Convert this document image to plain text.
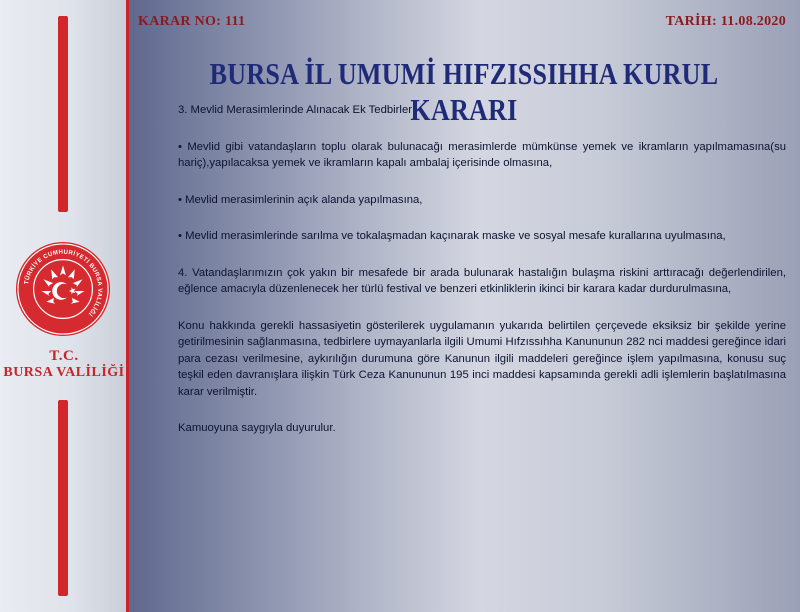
TÜRKİYE CUMHURİYETİ BURSA VALİLİĞİ
T.C.
BURSA VALİLİĞİ
KARAR NO: 111	TARİH: 11.08.2020
BURSA İL UMUMİ HIFZISSIHHA KURUL KARARI

3. Mevlid Merasimlerinde Alınacak Ek Tedbirler

• Mevlid gibi vatandaşların toplu olarak bulunacağı merasimlerde mümkünse yemek ve ikramların yapılmamasına(su hariç),yapılacaksa yemek ve ikramların kapalı ambalaj içerisinde olmasına,

• Mevlid merasimlerinin açık alanda yapılmasına,

• Mevlid merasimlerinde sarılma ve tokalaşmadan kaçınarak maske ve sosyal mesafe kurallarına uyulmasına,

4. Vatandaşlarımızın çok yakın bir mesafede bir arada bulunarak hastalığın bulaşma riskini arttıracağı değerlendirilen, eğlence amacıyla düzenlenecek her türlü festival ve benzeri etkinliklerin ikinci bir karara kadar durdurulmasına,

Konu hakkında gerekli hassasiyetin gösterilerek uygulamanın yukarıda belirtilen çerçevede eksiksiz bir şekilde yerine getirilmesinin sağlanmasına, tedbirlere uymayanlarla ilgili Umumi Hıfzıssıhha Kanununun 282 nci maddesi gereğince idari para cezası verilmesine, aykırılığın durumuna göre Kanunun ilgili maddeleri gereğince işlem yapılmasına, konusu suç teşkil eden davranışlara ilişkin Türk Ceza Kanununun 195 inci maddesi kapsamında gerekli adli işlemlerin başlatılmasına karar verilmiştir.

Kamuoyuna saygıyla duyurulur.
